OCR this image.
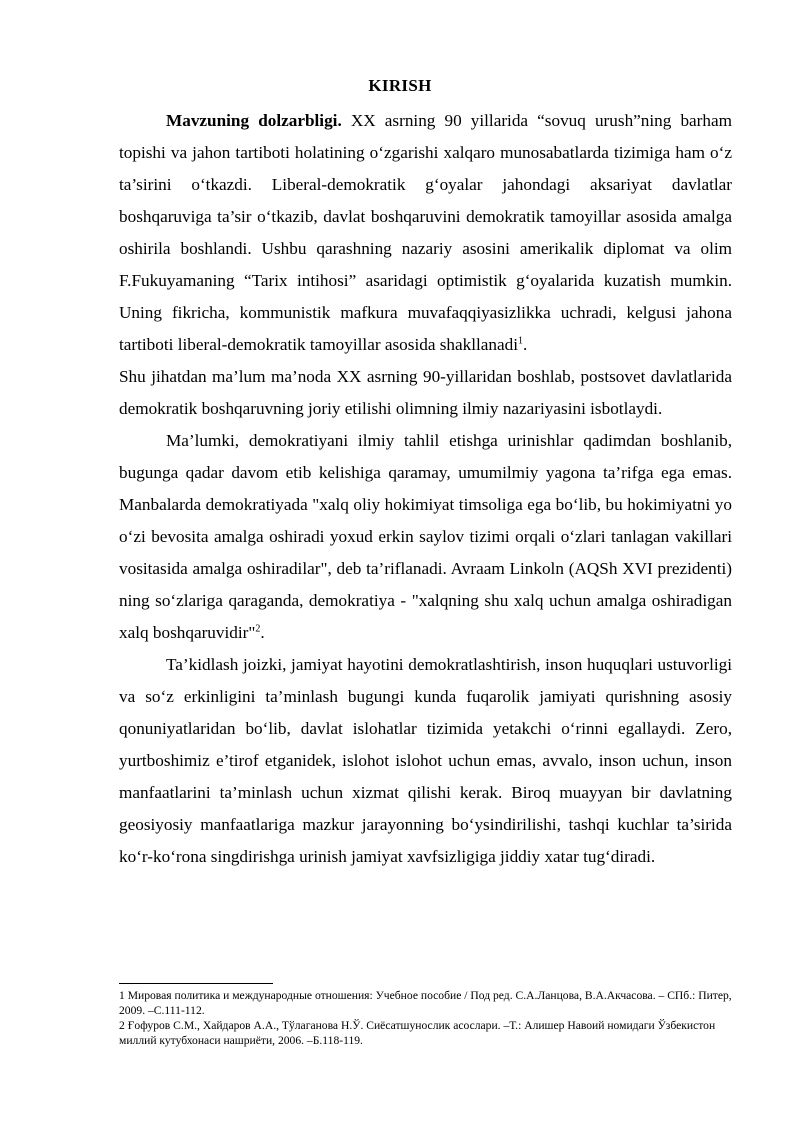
KIRISH

Mavzuning dolzarbligi. XX asrning 90 yillarida “sovuq urush”ning barham topishi va jahon tartiboti holatining o‘zgarishi xalqaro munosabatlarda tizimiga ham o‘z ta’sirini o‘tkazdi. Liberal-demokratik g‘oyalar jahondagi aksariyat davlatlar boshqaruviga ta’sir o‘tkazib, davlat boshqaruvini demokratik tamoyillar asosida amalga oshirila boshlandi. Ushbu qarashning nazariy asosini amerikalik diplomat va olim F.Fukuyamaning “Tarix intihosi” asaridagi optimistik g‘oyalarida kuzatish mumkin. Uning fikricha, kommunistik mafkura muvafaqqiyasizlikka uchradi, kelgusi jahona tartiboti liberal-demokratik tamoyillar asosida shakllanadi$^1$.

Shu jihatdan ma’lum ma’noda XX asrning 90-yillaridan boshlab, postsovet davlatlarida demokratik boshqaruvning joriy etilishi olimning ilmiy nazariyasini isbotlaydi.

Ma’lumki, demokratiyani ilmiy tahlil etishga urinishlar qadimdan boshlanib, bugunga qadar davom etib kelishiga qaramay, umumilmiy yagona ta’rifga ega emas. Manbalarda demokratiyada "xalq oliy hokimiyat timsoliga ega bo‘lib, bu hokimiyatni yo o‘zi bevosita amalga oshiradi yoxud erkin saylov tizimi orqali o‘zlari tanlagan vakillari vositasida amalga oshiradilar", deb ta’riflanadi. Avraam Linkoln (AQSh XVI prezidenti) ning so‘zlariga qaraganda, demokratiya - "xalqning shu xalq uchun amalga oshiradigan xalq boshqaruvidir"$^2$.

Ta’kidlash joizki, jamiyat hayotini demokratlashtirish, inson huquqlari ustuvorligi va so‘z erkinligini ta’minlash bugungi kunda fuqarolik jamiyati qurishning asosiy qonuniyatlaridan bo‘lib, davlat islohatlar tizimida yetakchi o‘rinni egallaydi. Zero, yurtboshimiz e’tirof etganidek, islohot islohot uchun emas, avvalo, inson uchun, inson manfaatlarini ta’minlash uchun xizmat qilishi kerak. Biroq muayyan bir davlatning geosiyosiy manfaatlariga mazkur jarayonning bo‘ysindirilishi, tashqi kuchlar ta’sirida ko‘r-ko‘rona singdirishga urinish jamiyat xavfsizligiga jiddiy xatar tug‘diradi.

1 Мировая политика и международные отношения: Учебное пособие / Под ред. С.А.Ланцова, В.А.Акчасова. – СПб.: Питер, 2009. –С.111-112.

2 Ғофуров С.М., Хайдаров А.А., Тўлаганова Н.Ў. Сиёсатшунослик асослари. –Т.: Алишер Навоий номидаги Ўзбекистон миллий кутубхонаси нашриёти, 2006. –Б.118-119.
